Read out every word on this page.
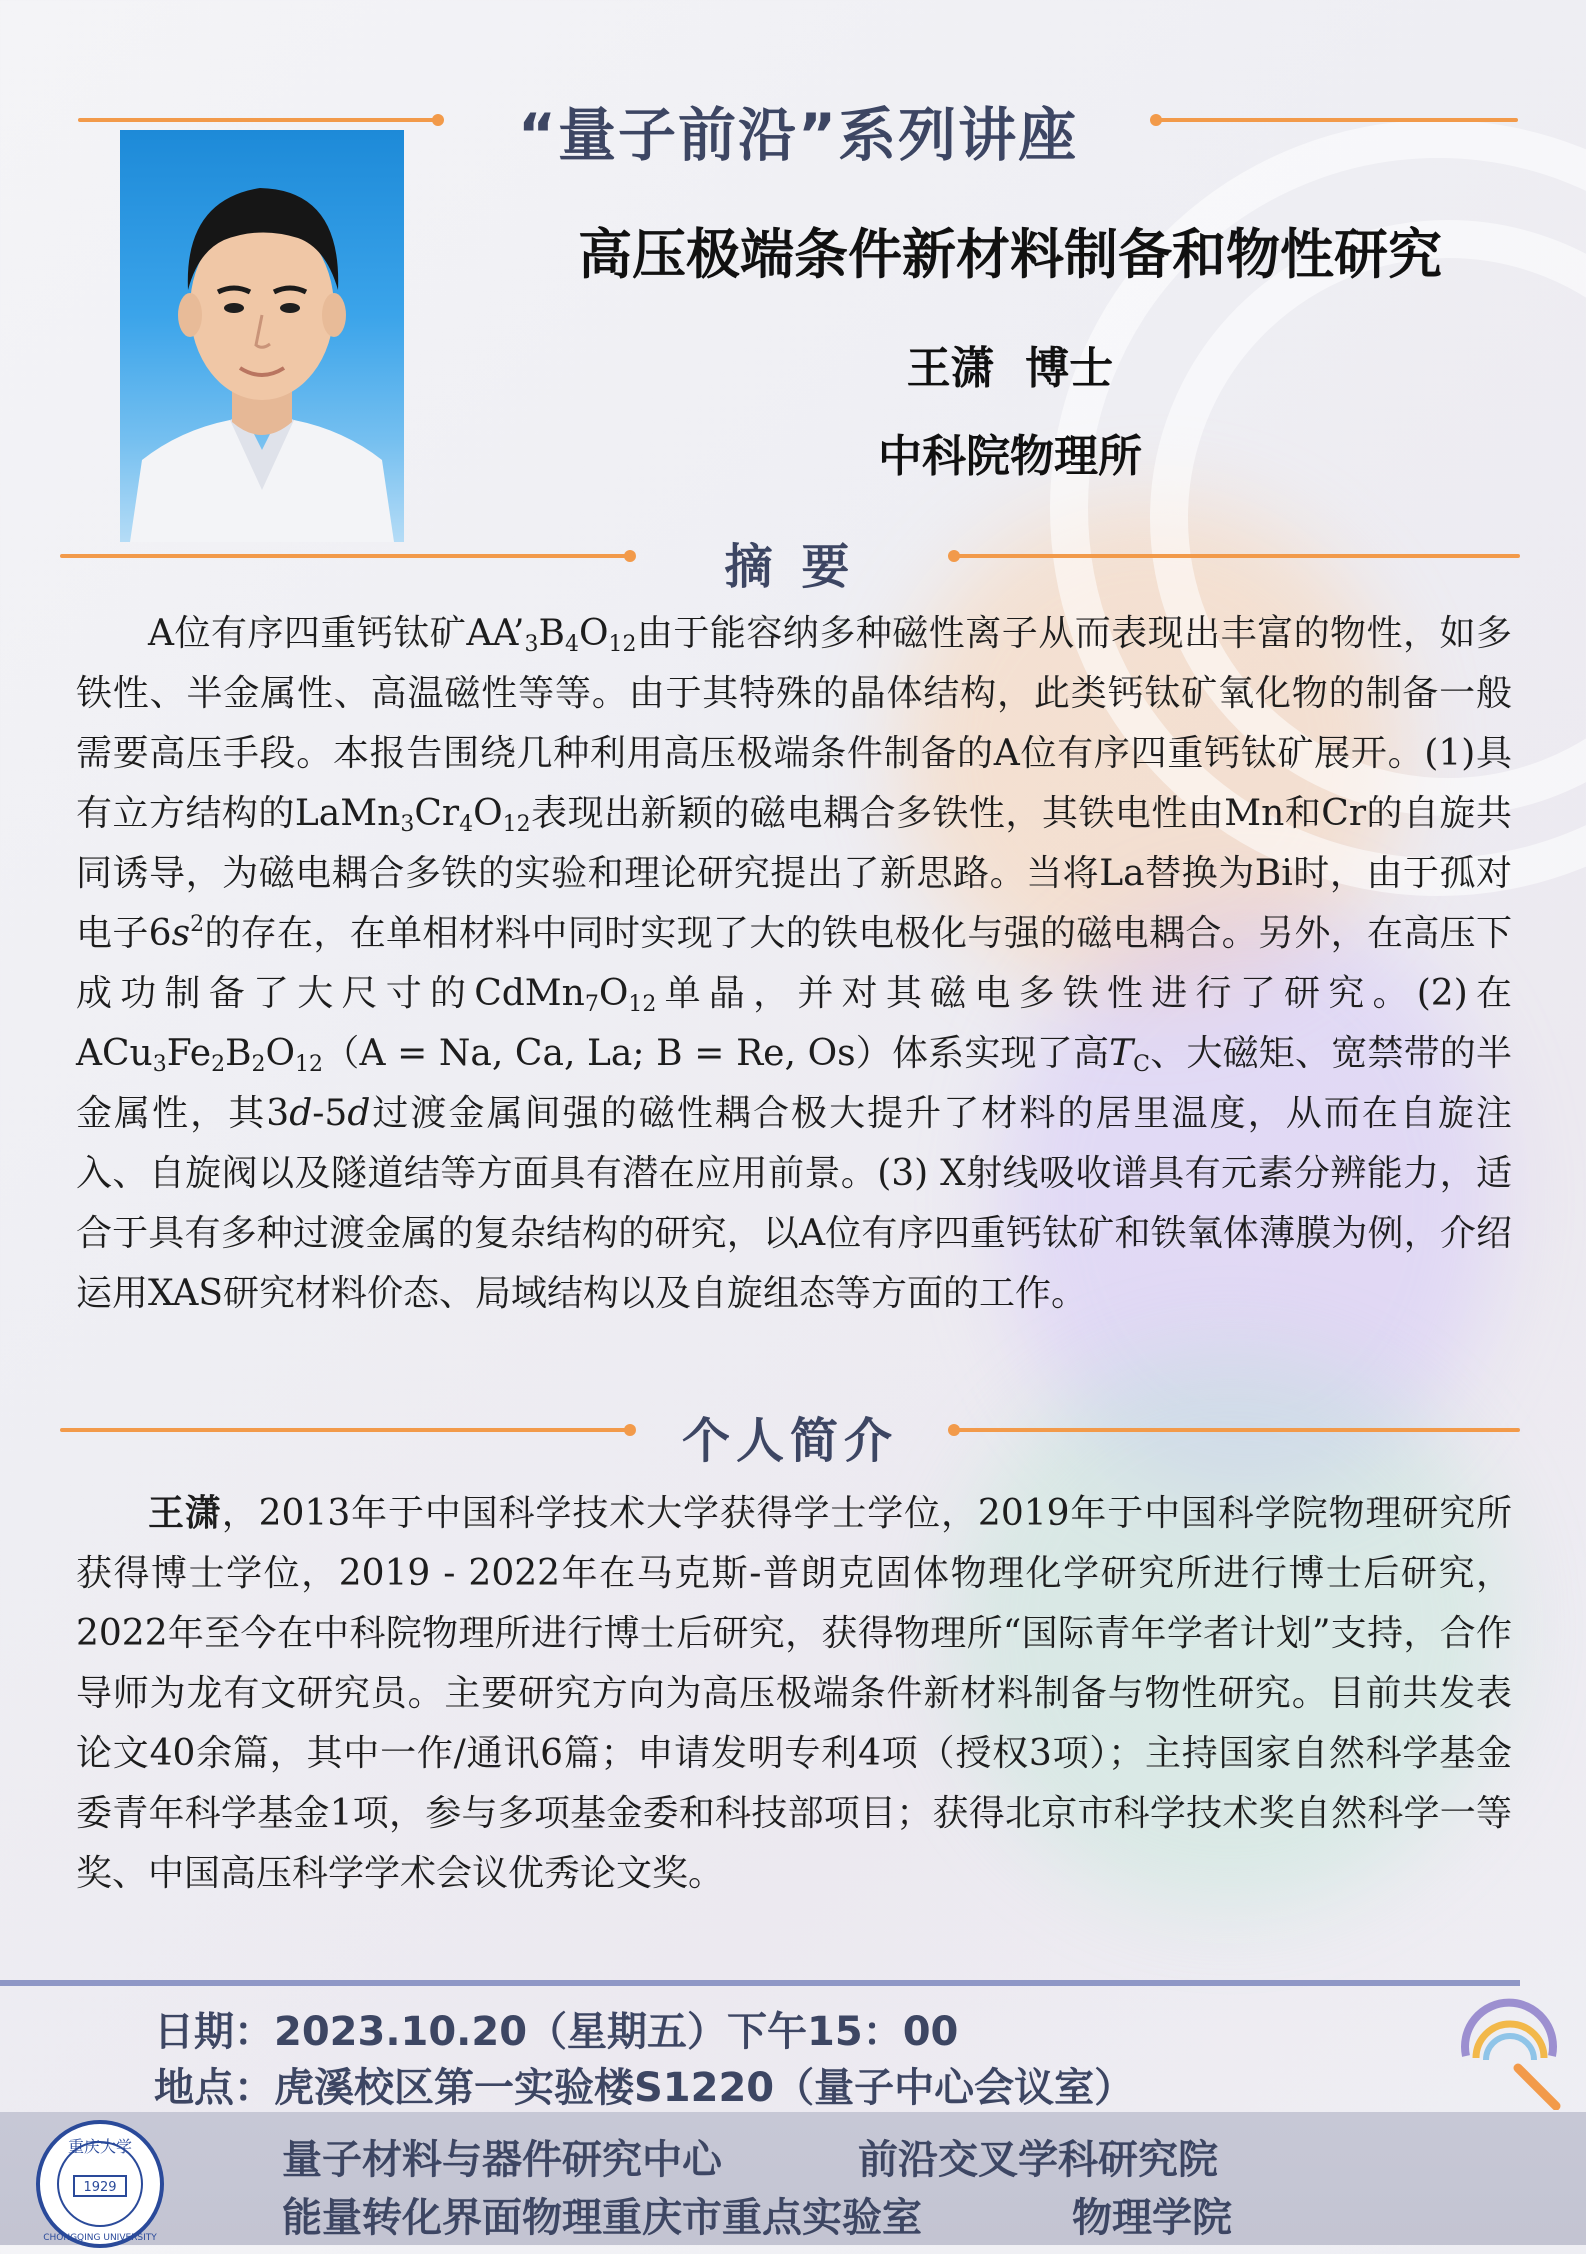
“量子前沿”系列讲座
高压极端条件新材料制备和物性研究
王潇  博士
中科院物理所
摘 要

A位有序四重钙钛矿$AA’_3B_4O_{12}$由于能容纳多种磁性离子从而表现出丰富的物性，如多铁性、半金属性、高温磁性等等。由于其特殊的晶体结构，此类钙钛矿氧化物的制备一般需要高压手段。本报告围绕几种利用高压极端条件制备的A位有序四重钙钛矿展开。(1)具有立方结构的$LaMn_3Cr_4O_{12}$表现出新颖的磁电耦合多铁性，其铁电性由Mn和Cr的自旋共同诱导，为磁电耦合多铁的实验和理论研究提出了新思路。当将La替换为Bi时，由于孤对电子$6s^2$的存在，在单相材料中同时实现了大的铁电极化与强的磁电耦合。另外，在高压下成功制备了大尺寸的$CdMn_7O_{12}$单晶，并对其磁电多铁性进行了研究。(2)在$ACu_3Fe_2B_2O_{12}(A = Na$, Ca, La; B = Re, Os）体系实现了高$T_C$、大磁矩、宽禁带的半金属性，其3d-5d过渡金属间强的磁性耦合极大提升了材料的居里温度，从而在自旋注入、自旋阀以及隧道结等方面具有潜在应用前景。(3) X射线吸收谱具有元素分辨能力，适合于具有多种过渡金属的复杂结构的研究，以A位有序四重钙钛矿和铁氧体薄膜为例，介绍运用XAS研究材料价态、局域结构以及自旋组态等方面的工作。

个人简介

王潇，2013年于中国科学技术大学获得学士学位，2019年于中国科学院物理研究所获得博士学位，2019 - 2022年在马克斯-普朗克固体物理化学研究所进行博士后研究，2022年至今在中科院物理所进行博士后研究，获得物理所“国际青年学者计划”支持，合作导师为龙有文研究员。主要研究方向为高压极端条件新材料制备与物性研究。目前共发表论文40余篇，其中一作/通讯6篇；申请发明专利4项（授权3项）；主持国家自然科学基金委青年科学基金1项，参与多项基金委和科技部项目；获得北京市科学技术奖自然科学一等奖、中国高压科学学术会议优秀论文奖。

日期：2023.10.20（星期五）下午15：00
地点：虎溪校区第一实验楼S1220（量子中心会议室）
1929
重庆大学
CHONGQING UNIVERSITY
量子材料与器件研究中心	前沿交叉学科研究院
能量转化界面物理重庆市重点实验室	物理学院
